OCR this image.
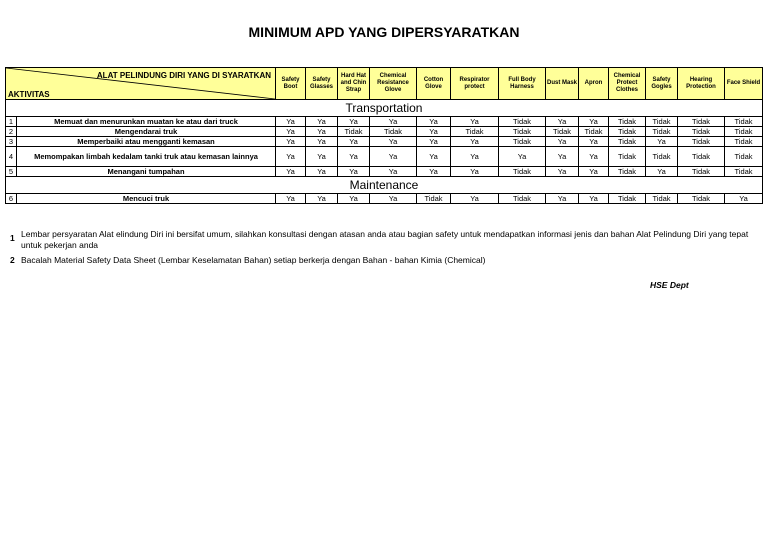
MINIMUM APD YANG DIPERSYARATKAN
ALAT PELINDUNG DIRI YANG DI SYARATKAN
AKTIVITAS		Safety Boot	Safety Glasses	Hard Hat and Chin Strap	Chemical Resistance Glove	Cotton Glove	Respirator protect	Full Body Harness	Dust Mask	Apron	Chemical Protect Clothes	Safety Gogles	Hearing Protection	Face Shield
Transportation														
1	Memuat dan menurunkan muatan ke atau dari truck	Ya	Ya	Ya	Ya	Ya	Ya	Tidak	Ya	Ya	Tidak	Tidak	Tidak	Tidak
2	Mengendarai truk	Ya	Ya	Tidak	Tidak	Ya	Tidak	Tidak	Tidak	Tidak	Tidak	Tidak	Tidak	Tidak
3	Memperbaiki atau mengganti kemasan	Ya	Ya	Ya	Ya	Ya	Ya	Tidak	Ya	Ya	Tidak	Ya	Tidak	Tidak
4	Memompakan limbah kedalam tanki truk atau kemasan lainnya	Ya	Ya	Ya	Ya	Ya	Ya	Ya	Ya	Ya	Tidak	Tidak	Tidak	Tidak
5	Menangani tumpahan	Ya	Ya	Ya	Ya	Ya	Ya	Tidak	Ya	Ya	Tidak	Ya	Tidak	Tidak
Maintenance														
6	Mencuci truk	Ya	Ya	Ya	Ya	Tidak	Ya	Tidak	Ya	Ya	Tidak	Tidak	Tidak	Ya
1 Lembar persyaratan Alat elindung Diri ini bersifat umum, silahkan konsultasi dengan atasan anda atau bagian safety untuk mendapatkan informasi jenis dan bahan Alat Pelindung Diri yang tepat untuk pekerjan anda
2 Bacalah Material Safety Data Sheet (Lembar Keselamatan Bahan) setiap berkerja dengan Bahan - bahan Kimia (Chemical)
HSE Dept
